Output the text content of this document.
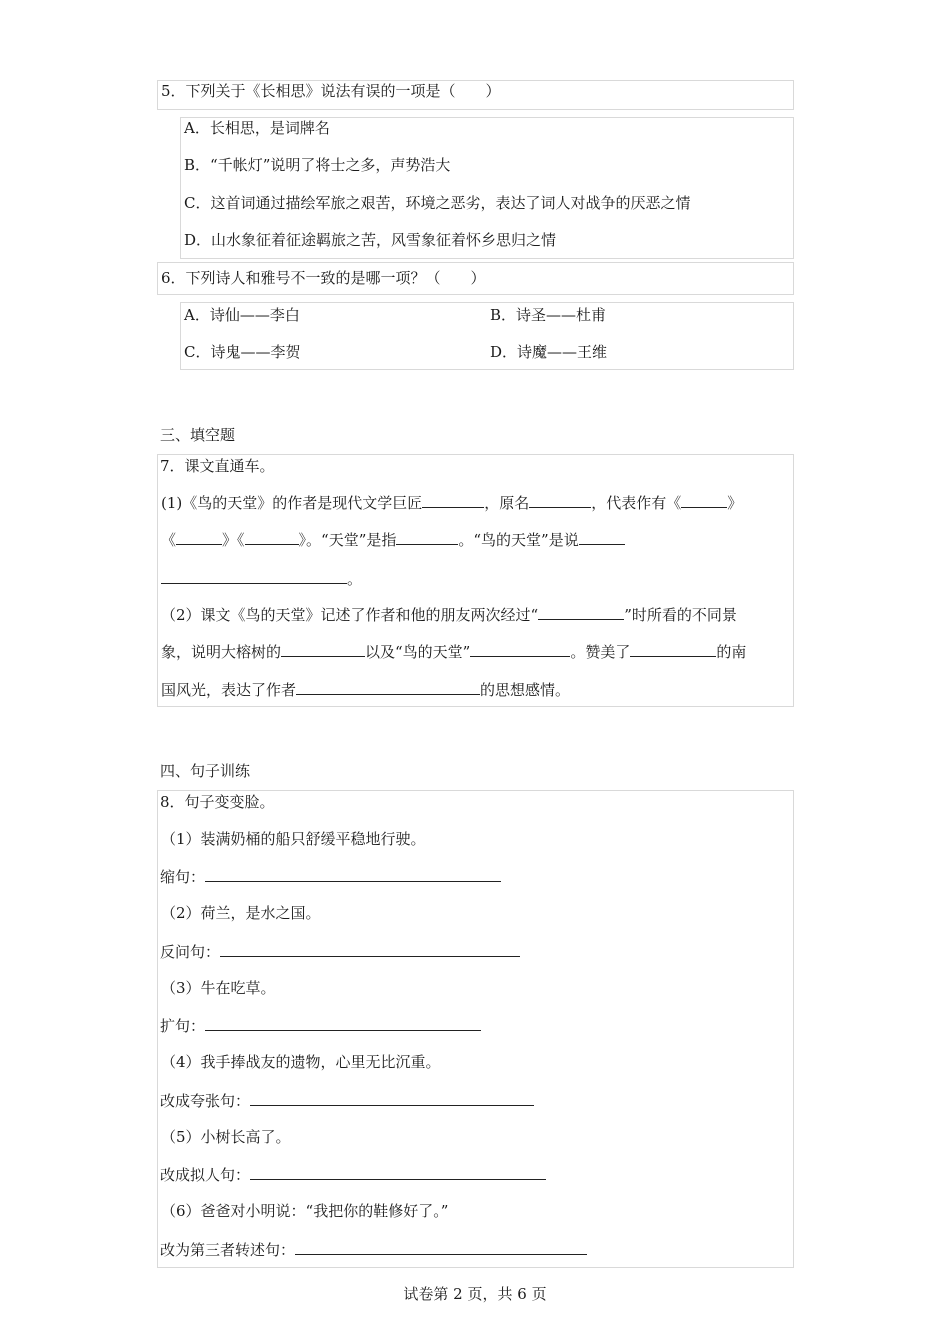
5．下列关于《长相思》说法有误的一项是（　　）
A．长相思，是词牌名
B．“千帐灯”说明了将士之多，声势浩大
C．这首词通过描绘军旅之艰苦，环境之恶劣，表达了词人对战争的厌恶之情
D．山水象征着征途羁旅之苦，风雪象征着怀乡思归之情
6．下列诗人和雅号不一致的是哪一项？（　　）
A．诗仙——李白	B．诗圣——杜甫
C．诗鬼——李贺	D．诗魔——王维
三、填空题
7．课文直通车。
(1)《鸟的天堂》的作者是现代文学巨匠	，原名	，代表作有《	》
《	》《	》。“天堂”是指	。“鸟的天堂”是说
。
（2）课文《鸟的天堂》记述了作者和他的朋友两次经过“	”时所看的不同景
象，说明大榕树的	以及“鸟的天堂”	。赞美了	的南
国风光，表达了作者	的思想感情。
四、句子训练
8．句子变变脸。
（1）装满奶桶的船只舒缓平稳地行驶。
缩句：
（2）荷兰，是水之国。
反问句：
（3）牛在吃草。
扩句：
（4）我手捧战友的遗物，心里无比沉重。
改成夸张句：
（5）小树长高了。
改成拟人句：
（6）爸爸对小明说：“我把你的鞋修好了。”
改为第三者转述句：
试卷第 2 页，共 6 页
